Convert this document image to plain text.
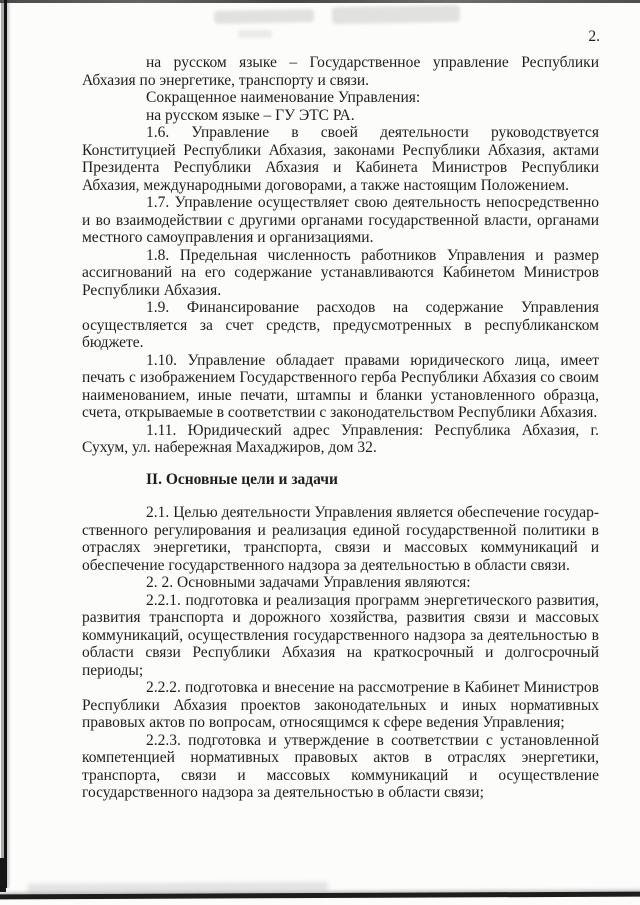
2.

на русском языке – Государственное управление Республики Абхазия по энергетике, транспорту и связи.

Сокращенное наименование Управления:

на русском языке – ГУ ЭТС РА.

1.6. Управление в своей деятельности руководствуется Конституцией Республики Абхазия, законами Республики Абхазия, актами Президента Республики Абхазия и Кабинета Министров Республики Абхазия, международными договорами, а также настоящим Положением.

1.7. Управление осуществляет свою деятельность непосредственно и во взаимодействии с другими органами государственной власти, органами местного самоуправления и организациями.

1.8. Предельная численность работников Управления и размер ассигнований на его содержание устанавливаются Кабинетом Министров Республики Абхазия.

1.9. Финансирование расходов на содержание Управления осуществляется за счет средств, предусмотренных в республиканском бюджете.

1.10. Управление обладает правами юридического лица, имеет печать с изображением Государственного герба Республики Абхазия со своим наименованием, иные печати, штампы и бланки установленного образца, счета, открываемые в соответствии с законодательством Республики Абхазия.

1.11. Юридический адрес Управления: Республика Абхазия, г. Сухум, ул. набережная Махаджиров, дом 32.

II. Основные цели и задачи

2.1. Целью деятельности Управления является обеспечение государственного регулирования и реализация единой государственной политики в отраслях энергетики, транспорта, связи и массовых коммуникаций и обеспечение государственного надзора за деятельностью в области связи.

2. 2. Основными задачами Управления являются:

2.2.1. подготовка и реализация программ энергетического развития, развития транспорта и дорожного хозяйства, развития связи и массовых коммуникаций, осуществления государственного надзора за деятельностью в области связи Республики Абхазия на краткосрочный и долгосрочный периоды;

2.2.2. подготовка и внесение на рассмотрение в Кабинет Министров Республики Абхазия проектов законодательных и иных нормативных правовых актов по вопросам, относящимся к сфере ведения Управления;

2.2.3. подготовка и утверждение в соответствии с установленной компетенцией нормативных правовых актов в отраслях энергетики, транспорта, связи и массовых коммуникаций и осуществление государственного надзора за деятельностью в области связи;
